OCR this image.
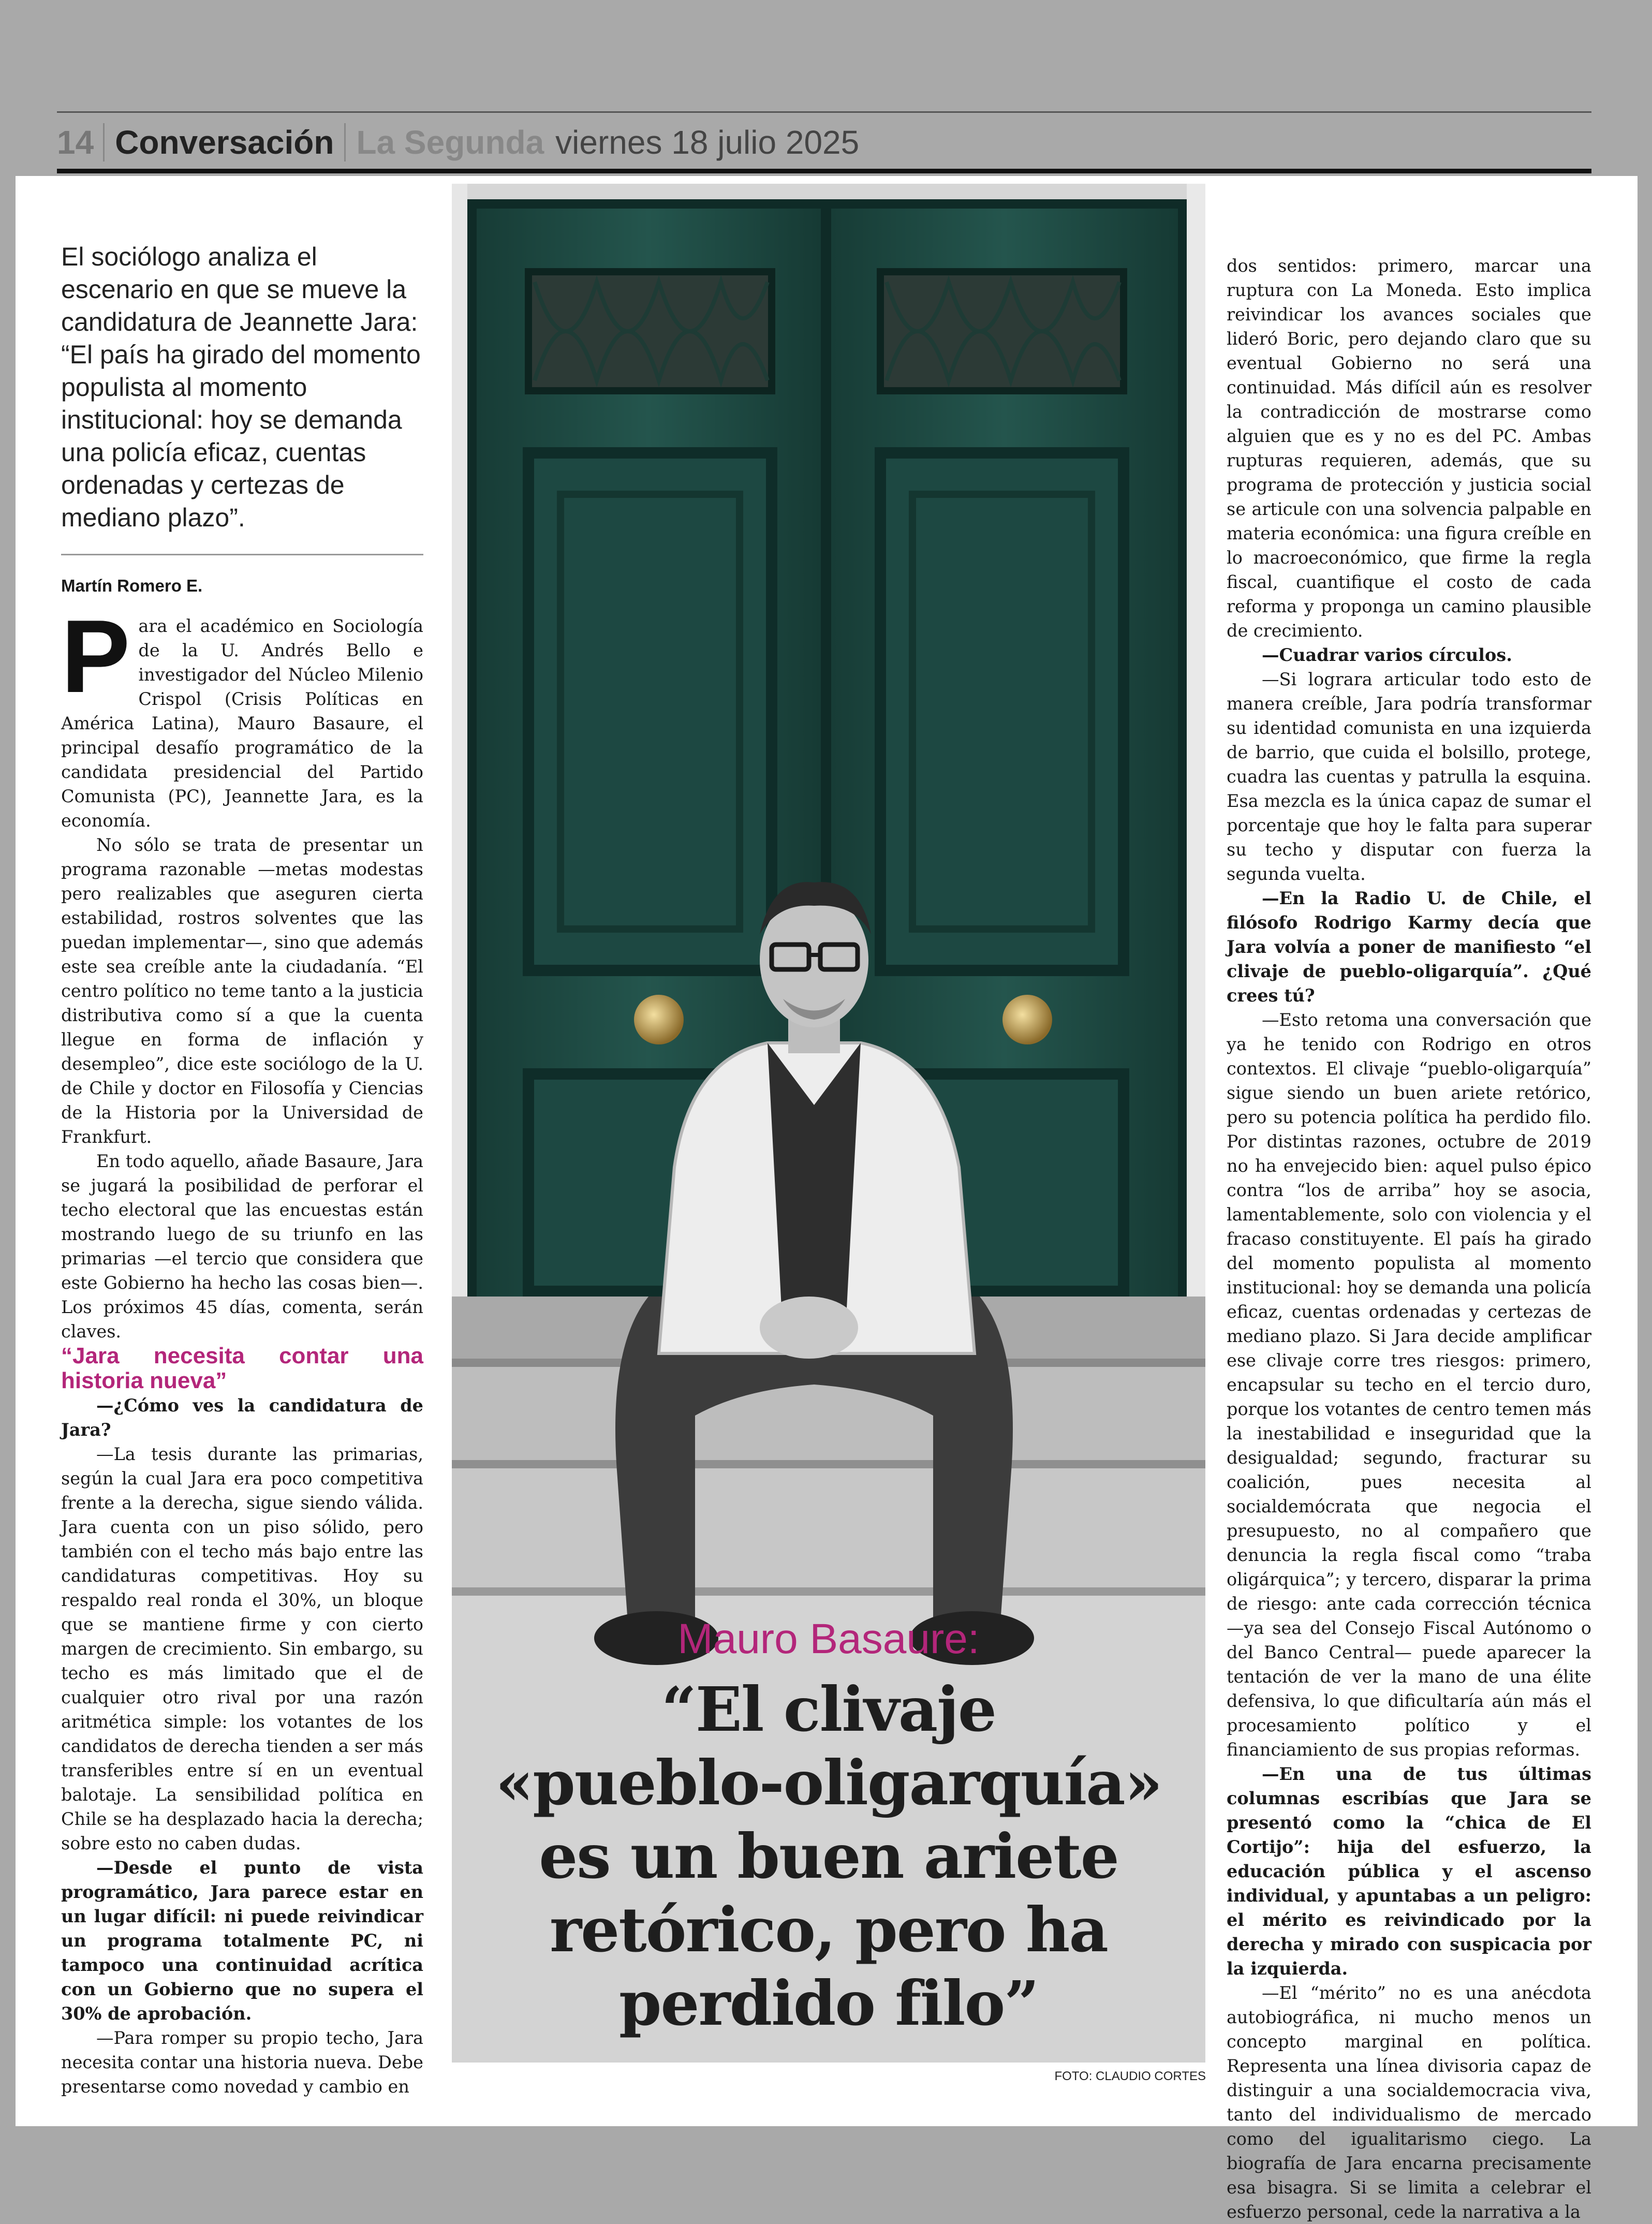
14 Conversación La Segunda viernes 18 julio 2025

El sociólogo analiza el escenario en que se mueve la candidatura de Jeannette Jara: “El país ha girado del momento populista al momento institucional: hoy se demanda una policía eficaz, cuentas ordenadas y certezas de mediano plazo”.

Martín Romero E.

Para el académico en Sociología de la U. Andrés Bello e investigador del Núcleo Milenio Crispol (Crisis Políticas en América Latina), Mauro Basaure, el principal desafío programático de la candidata presidencial del Partido Comunista (PC), Jeannette Jara, es la economía.

No sólo se trata de presentar un programa razonable —metas modestas pero realizables que aseguren cierta estabilidad, rostros solventes que las puedan implementar—, sino que además este sea creíble ante la ciudadanía. “El centro político no teme tanto a la justicia distributiva como sí a que la cuenta llegue en forma de inflación y desempleo”, dice este sociólogo de la U. de Chile y doctor en Filosofía y Ciencias de la Historia por la Universidad de Frankfurt.

En todo aquello, añade Basaure, Jara se jugará la posibilidad de perforar el techo electoral que las encuestas están mostrando luego de su triunfo en las primarias —el tercio que considera que este Gobierno ha hecho las cosas bien—. Los próximos 45 días, comenta, serán claves.

“Jara necesita contar una historia nueva”

—¿Cómo ves la candidatura de Jara?

—La tesis durante las primarias, según la cual Jara era poco competitiva frente a la derecha, sigue siendo válida. Jara cuenta con un piso sólido, pero también con el techo más bajo entre las candidaturas competitivas. Hoy su respaldo real ronda el 30%, un bloque que se mantiene firme y con cierto margen de crecimiento. Sin embargo, su techo es más limitado que el de cualquier otro rival por una razón aritmética simple: los votantes de los candidatos de derecha tienden a ser más transferibles entre sí en un eventual balotaje. La sensibilidad política en Chile se ha desplazado hacia la derecha; sobre esto no caben dudas.

—Desde el punto de vista programático, Jara parece estar en un lugar difícil: ni puede reivindicar un programa totalmente PC, ni tampoco una continuidad acrítica con un Gobierno que no supera el 30% de aprobación.

—Para romper su propio techo, Jara necesita contar una historia nueva. Debe presentarse como novedad y cambio en

Mauro Basaure:

“El clivaje
«pueblo-oligarquía»
es un buen ariete
retórico, pero ha
perdido filo”

FOTO: CLAUDIO CORTES

dos sentidos: primero, marcar una ruptura con La Moneda. Esto implica reivindicar los avances sociales que lideró Boric, pero dejando claro que su eventual Gobierno no será una continuidad. Más difícil aún es resolver la contradicción de mostrarse como alguien que es y no es del PC. Ambas rupturas requieren, además, que su programa de protección y justicia social se articule con una solvencia palpable en materia económica: una figura creíble en lo macroeconómico, que firme la regla fiscal, cuantifique el costo de cada reforma y proponga un camino plausible de crecimiento.

—Cuadrar varios círculos.

—Si lograra articular todo esto de manera creíble, Jara podría transformar su identidad comunista en una izquierda de barrio, que cuida el bolsillo, protege, cuadra las cuentas y patrulla la esquina. Esa mezcla es la única capaz de sumar el porcentaje que hoy le falta para superar su techo y disputar con fuerza la segunda vuelta.

—En la Radio U. de Chile, el filósofo Rodrigo Karmy decía que Jara volvía a poner de manifiesto “el clivaje de pueblo-oligarquía”. ¿Qué crees tú?

—Esto retoma una conversación que ya he tenido con Rodrigo en otros contextos. El clivaje “pueblo-oligarquía” sigue siendo un buen ariete retórico, pero su potencia política ha perdido filo. Por distintas razones, octubre de 2019 no ha envejecido bien: aquel pulso épico contra “los de arriba” hoy se asocia, lamentablemente, solo con violencia y el fracaso constituyente. El país ha girado del momento populista al momento institucional: hoy se demanda una policía eficaz, cuentas ordenadas y certezas de mediano plazo. Si Jara decide amplificar ese clivaje corre tres riesgos: primero, encapsular su techo en el tercio duro, porque los votantes de centro temen más la inestabilidad e inseguridad que la desigualdad; segundo, fracturar su coalición, pues necesita al socialdemócrata que negocia el presupuesto, no al compañero que denuncia la regla fiscal como “traba oligárquica”; y tercero, disparar la prima de riesgo: ante cada corrección técnica —ya sea del Consejo Fiscal Autónomo o del Banco Central— puede aparecer la tentación de ver la mano de una élite defensiva, lo que dificultaría aún más el procesamiento político y el financiamiento de sus propias reformas.

—En una de tus últimas columnas escribías que Jara se presentó como la “chica de El Cortijo”: hija del esfuerzo, la educación pública y el ascenso individual, y apuntabas a un peligro: el mérito es reivindicado por la derecha y mirado con suspicacia por la izquierda.

—El “mérito” no es una anécdota autobiográfica, ni mucho menos un concepto marginal en política. Representa una línea divisoria capaz de distinguir a una socialdemocracia viva, tanto del individualismo de mercado como del igualitarismo ciego. La biografía de Jara encarna precisamente esa bisagra. Si se limita a celebrar el esfuerzo personal, cede la narrativa a la
